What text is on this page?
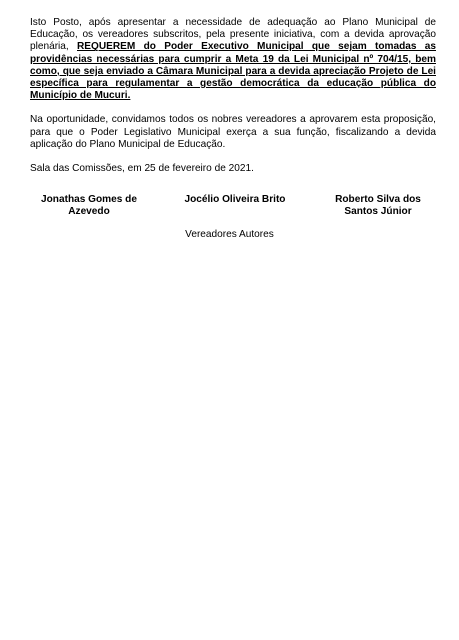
Isto Posto, após apresentar a necessidade de adequação ao Plano Municipal de Educação, os vereadores subscritos, pela presente iniciativa, com a devida aprovação plenária, REQUEREM do Poder Executivo Municipal que sejam tomadas as providências necessárias para cumprir a Meta 19 da Lei Municipal nº 704/15, bem como, que seja enviado a Câmara Municipal para a devida apreciação Projeto de Lei específica para regulamentar a gestão democrática da educação pública do Município de Mucuri.

Na oportunidade, convidamos todos os nobres vereadores a aprovarem esta proposição, para que o Poder Legislativo Municipal exerça a sua função, fiscalizando a devida aplicação do Plano Municipal de Educação.

Sala das Comissões, em 25 de fevereiro de 2021.

Jonathas Gomes de Azevedo
Jocélio Oliveira Brito	Roberto Silva dos Santos Júnior
Vereadores Autores
